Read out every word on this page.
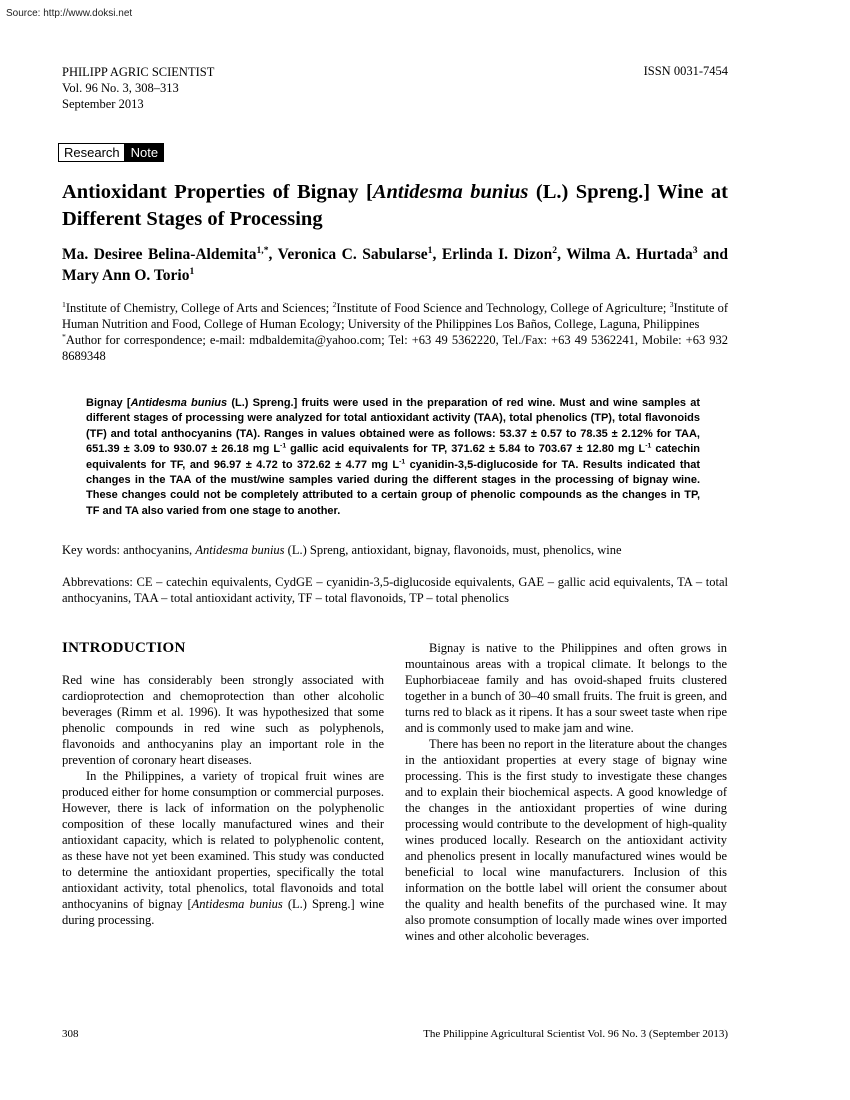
Source: http://www.doksi.net
PHILIPP AGRIC SCIENTIST
Vol. 96 No. 3, 308–313
September 2013
ISSN 0031-7454
Research Note
Antioxidant Properties of Bignay [Antidesma bunius (L.) Spreng.] Wine at Different Stages of Processing
Ma. Desiree Belina-Aldemita$^{1,*}$, Veronica C. Sabularse$^1$, Erlinda I. Dizon$^2$, Wilma A. Hurtada$^3$ and Mary Ann O. Torio$^1$
$^1$Institute of Chemistry, College of Arts and Sciences; $^2$Institute of Food Science and Technology, College of Agriculture; $^3$Institute of Human Nutrition and Food, College of Human Ecology; University of the Philippines Los Baños, College, Laguna, Philippines
*Author for correspondence; e-mail: mdbaldemita@yahoo.com; Tel: +63 49 5362220, Tel./Fax: +63 49 5362241, Mobile: +63 932 8689348
Bignay [Antidesma bunius (L.) Spreng.] fruits were used in the preparation of red wine. Must and wine samples at different stages of processing were analyzed for total antioxidant activity (TAA), total phenolics (TP), total flavonoids (TF) and total anthocyanins (TA). Ranges in values obtained were as follows: 53.37 ± 0.57 to 78.35 ± 2.12% for TAA, 651.39 ± 3.09 to 930.07 ± 26.18 mg $L^{-1}$ gallic acid equivalents for TP, 371.62 ± 5.84 to 703.67 ± 12.80 mg $L^{-1}$ catechin equivalents for TF, and 96.97 ± 4.72 to 372.62 ± 4.77 mg $L^{-1}$ cyanidin-3,5-diglucoside for TA. Results indicated that changes in the TAA of the must/wine samples varied during the different stages in the processing of bignay wine. These changes could not be completely attributed to a certain group of phenolic compounds as the changes in TP, TF and TA also varied from one stage to another.
Key words: anthocyanins, Antidesma bunius (L.) Spreng, antioxidant, bignay, flavonoids, must, phenolics, wine
Abbrevations: CE – catechin equivalents, CydGE – cyanidin-3,5-diglucoside equivalents, GAE – gallic acid equivalents, TA – total anthocyanins, TAA – total antioxidant activity, TF – total flavonoids, TP – total phenolics
INTRODUCTION

Red wine has considerably been strongly associated with cardioprotection and chemoprotection than other alcoholic beverages (Rimm et al. 1996). It was hypothesized that some phenolic compounds in red wine such as polyphenols, flavonoids and anthocyanins play an important role in the prevention of coronary heart diseases.

In the Philippines, a variety of tropical fruit wines are produced either for home consumption or commercial purposes. However, there is lack of information on the polyphenolic composition of these locally manufactured wines and their antioxidant capacity, which is related to polyphenolic content, as these have not yet been examined. This study was conducted to determine the antioxidant properties, specifically the total antioxidant activity, total phenolics, total flavonoids and total anthocyanins of bignay [Antidesma bunius (L.) Spreng.] wine during processing.

Bignay is native to the Philippines and often grows in mountainous areas with a tropical climate. It belongs to the Euphorbiaceae family and has ovoid-shaped fruits clustered together in a bunch of 30–40 small fruits. The fruit is green, and turns red to black as it ripens. It has a sour sweet taste when ripe and is commonly used to make jam and wine.

There has been no report in the literature about the changes in the antioxidant properties at every stage of bignay wine processing. This is the first study to investigate these changes and to explain their biochemical aspects. A good knowledge of the changes in the antioxidant properties of wine during processing would contribute to the development of high-quality wines produced locally. Research on the antioxidant activity and phenolics present in locally manufactured wines would be beneficial to local wine manufacturers. Inclusion of this information on the bottle label will orient the consumer about the quality and health benefits of the purchased wine. It may also promote consumption of locally made wines over imported wines and other alcoholic beverages.

308	The Philippine Agricultural Scientist Vol. 96 No. 3 (September 2013)
